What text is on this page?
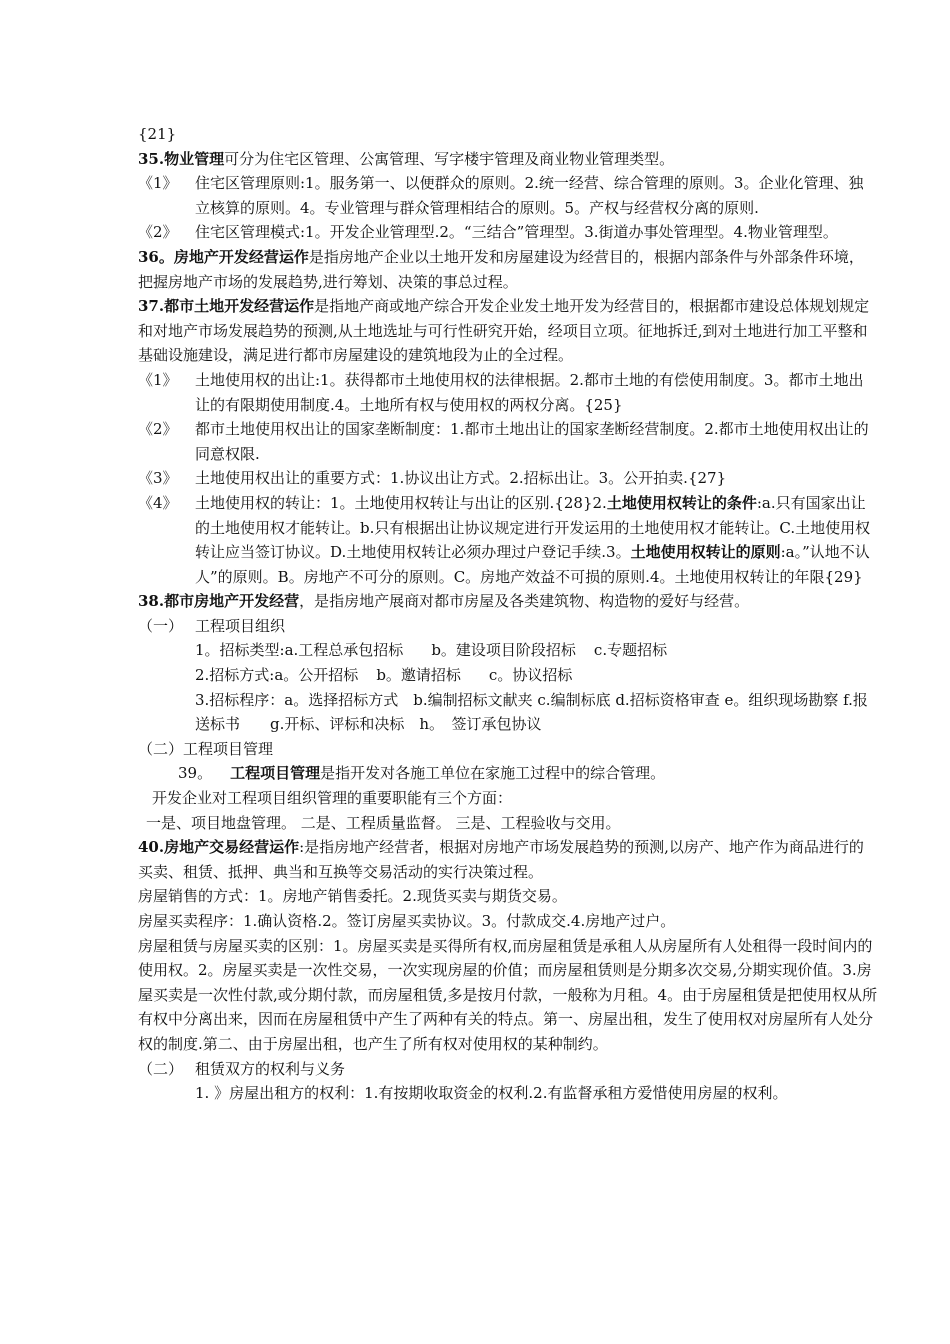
{21}

35.物业管理可分为住宅区管理、公寓管理、写字楼宇管理及商业物业管理类型。

《1》	住宅区管理原则:1。服务第一、以便群众的原则。2.统一经营、综合管理的原则。3。企业化管理、独立核算的原则。4。专业管理与群众管理相结合的原则。5。产权与经营权分离的原则.
《2》	住宅区管理模式:1。开发企业管理型.2。“三结合”管理型。3.街道办事处管理型。4.物业管理型。

36。房地产开发经营运作是指房地产企业以土地开发和房屋建设为经营目的，根据内部条件与外部条件环境，把握房地产市场的发展趋势,进行筹划、决策的事总过程。

37.都市土地开发经营运作是指地产商或地产综合开发企业发土地开发为经营目的，根据都市建设总体规划规定和对地产市场发展趋势的预测,从土地选址与可行性研究开始，经项目立项。征地拆迁,到对土地进行加工平整和基础设施建设，满足进行都市房屋建设的建筑地段为止的全过程。

《1》	土地使用权的出让:1。获得都市土地使用权的法律根据。2.都市土地的有偿使用制度。3。都市土地出让的有限期使用制度.4。土地所有权与使用权的两权分离。{25}
《2》	都市土地使用权出让的国家垄断制度：1.都市土地出让的国家垄断经营制度。2.都市土地使用权出让的同意权限.
《3》	土地使用权出让的重要方式：1.协议出让方式。2.招标出让。3。公开拍卖.{27}
《4》	土地使用权的转让：1。土地使用权转让与出让的区别.{28}2.土地使用权转让的条件:a.只有国家出让的土地使用权才能转让。b.只有根据出让协议规定进行开发运用的土地使用权才能转让。C.土地使用权转让应当签订协议。D.土地使用权转让必须办理过户登记手续.3。土地使用权转让的原则:a。”认地不认人”的原则。B。房地产不可分的原则。C。房地产效益不可损的原则.4。土地使用权转让的年限{29}

38.都市房地产开发经营，是指房地产展商对都市房屋及各类建筑物、构造物的爱好与经营。

（一） 工程项目组织

1。招标类型:a.工程总承包招标 b。建设项目阶段招标 c.专题招标

2.招标方式:a。公开招标 b。邀请招标 c。协议招标

3.招标程序：a。选择招标方式　b.编制招标文献夹 c.编制标底 d.招标资格审查 e。组织现场勘察 f.报送标书　　g.开标、评标和决标　h。　签订承包协议

（二）工程项目管理

39。 工程项目管理是指开发对各施工单位在家施工过程中的综合管理。

开发企业对工程项目组织管理的重要职能有三个方面：

一是、项目地盘管理。 二是、工程质量监督。 三是、工程验收与交用。

40.房地产交易经营运作:是指房地产经营者，根据对房地产市场发展趋势的预测,以房产、地产作为商品进行的买卖、租赁、抵押、典当和互换等交易活动的实行决策过程。

房屋销售的方式：1。房地产销售委托。2.现货买卖与期货交易。

房屋买卖程序：1.确认资格.2。签订房屋买卖协议。3。付款成交.4.房地产过户。

房屋租赁与房屋买卖的区别：1。房屋买卖是买得所有权,而房屋租赁是承租人从房屋所有人处租得一段时间内的使用权。2。房屋买卖是一次性交易，一次实现房屋的价值；而房屋租赁则是分期多次交易,分期实现价值。3.房屋买卖是一次性付款,或分期付款，而房屋租赁,多是按月付款，一般称为月租。4。由于房屋租赁是把使用权从所有权中分离出来，因而在房屋租赁中产生了两种有关的特点。第一、房屋出租，发生了使用权对房屋所有人处分权的制度.第二、由于房屋出租，也产生了所有权对使用权的某种制约。

（二） 租赁双方的权利与义务

1. 》房屋出租方的权利：1.有按期收取资金的权利.2.有监督承租方爱惜使用房屋的权利。
